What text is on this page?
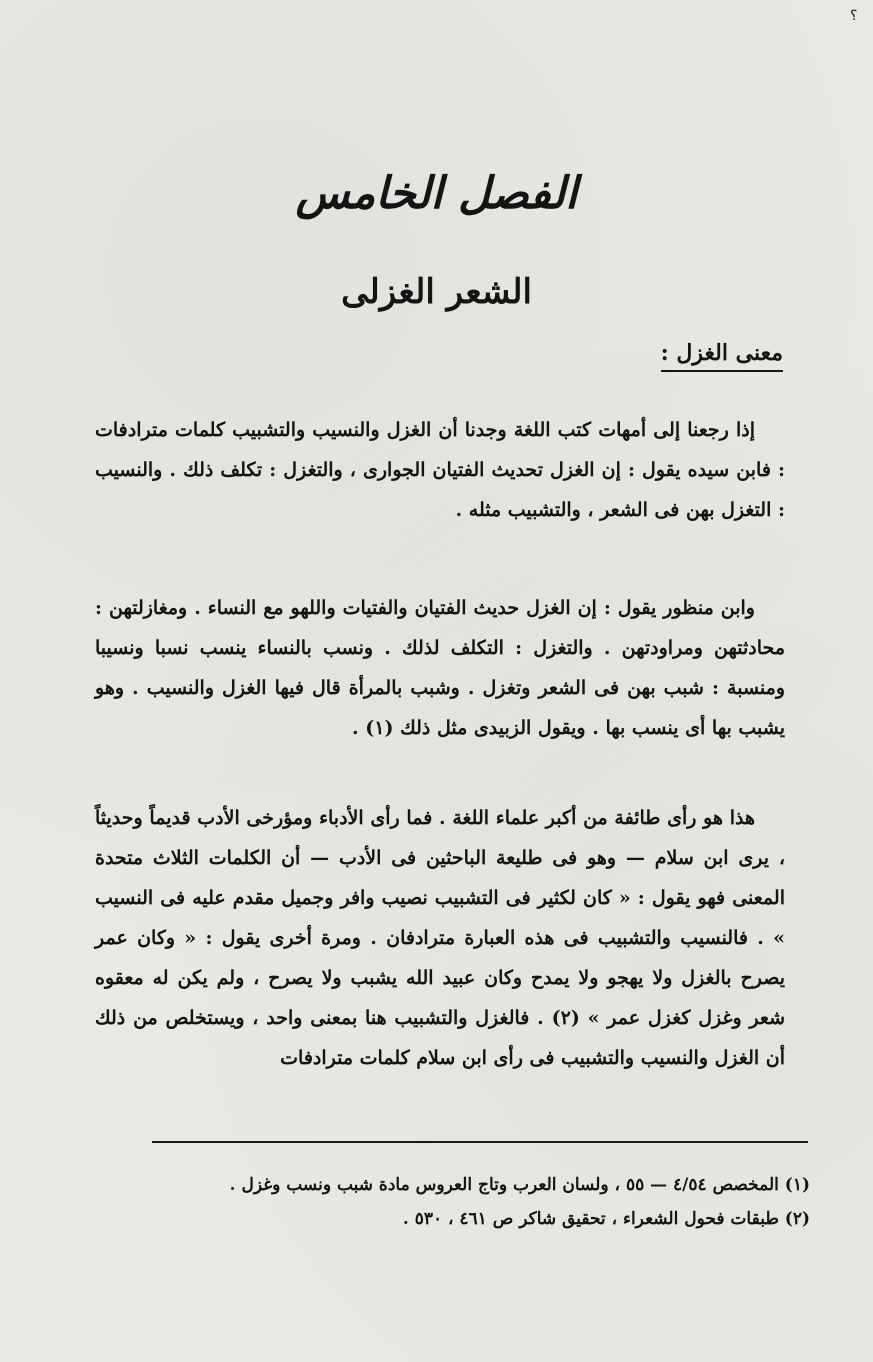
؟
الفصل الخامس
الشعر الغزلى
معنى الغزل :
إذا رجعنا إلى أمهات كتب اللغة وجدنا أن الغزل والنسيب والتشبيب كلمات مترادفات : فابن سيده يقول : إن الغزل تحديث الفتيان الجوارى ، والتغزل : تكلف ذلك . والنسيب : التغزل بهن فى الشعر ، والتشبيب مثله .
وابن منظور يقول : إن الغزل حديث الفتيان والفتيات واللهو مع النساء . ومغازلتهن : محادثتهن ومراودتهن . والتغزل : التكلف لذلك . ونسب بالنساء ينسب نسبا ونسيبا ومنسبة : شبب بهن فى الشعر وتغزل . وشبب بالمرأة قال فيها الغزل والنسيب . وهو يشبب بها أى ينسب بها . ويقول الزبيدى مثل ذلك (١) .
هذا هو رأى طائفة من أكبر علماء اللغة . فما رأى الأدباء ومؤرخى الأدب قديماً وحديثاً ، يرى ابن سلام — وهو فى طليعة الباحثين فى الأدب — أن الكلمات الثلاث متحدة المعنى فهو يقول : « كان لكثير فى التشبيب نصيب وافر وجميل مقدم عليه فى النسيب » . فالنسيب والتشبيب فى هذه العبارة مترادفان . ومرة أخرى يقول : « وكان عمر يصرح بالغزل ولا يهجو ولا يمدح وكان عبيد الله يشبب ولا يصرح ، ولم يكن له معقوه شعر وغزل كغزل عمر » (٢) . فالغزل والتشبيب هنا بمعنى واحد ، ويستخلص من ذلك أن الغزل والنسيب والتشبيب فى رأى ابن سلام كلمات مترادفات
(١) المخصص ٤/٥٤ — ٥٥ ، ولسان العرب وتاج العروس مادة شبب ونسب وغزل .
(٢) طبقات فحول الشعراء ، تحقيق شاكر ص ٤٦١ ، ٥٣٠ .
